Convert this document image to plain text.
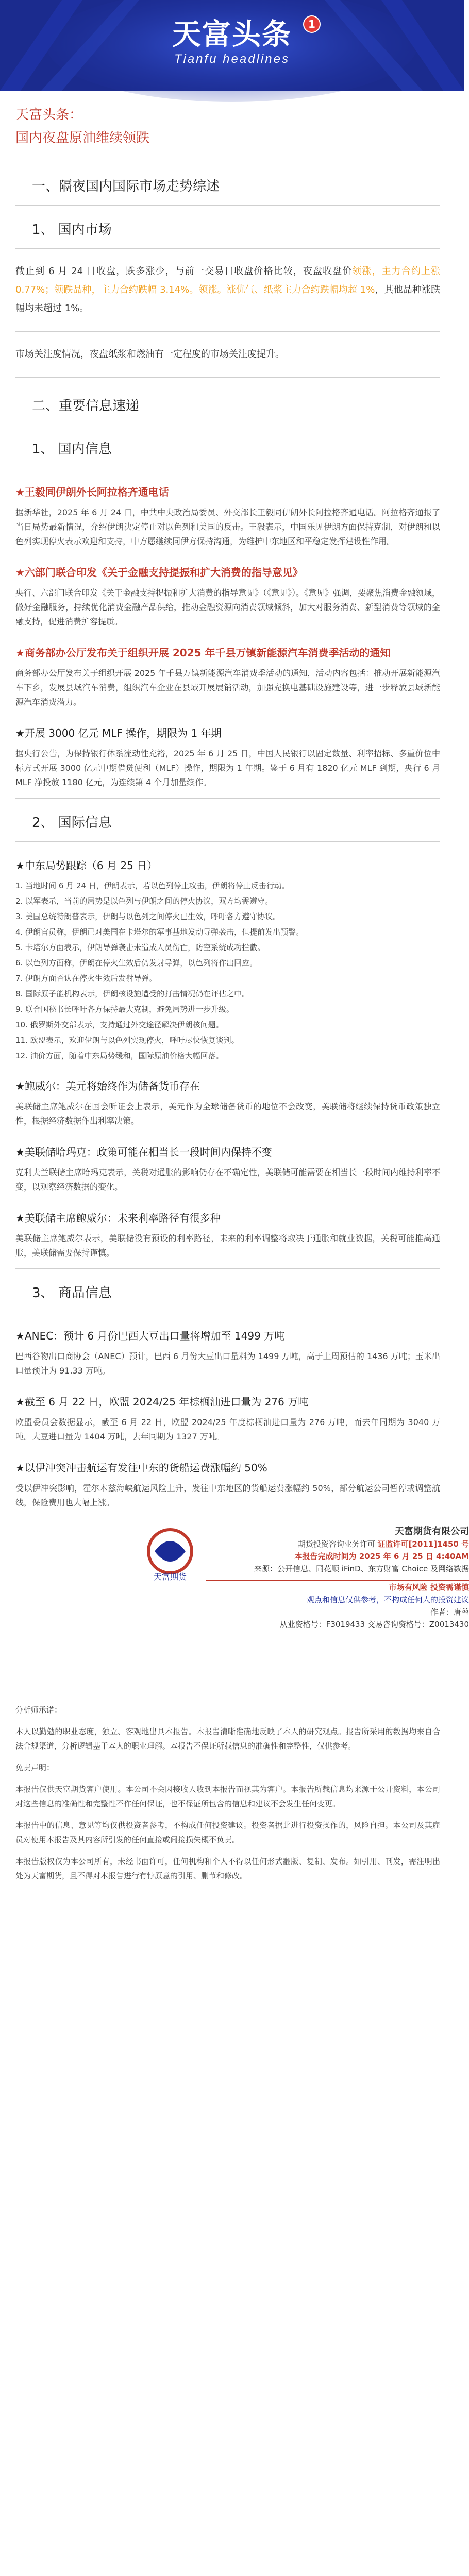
天富头条
Tianfu headlines
1
天富头条：
国内夜盘原油维续领跌
一、隔夜国内国际市场走势综述
1、 国内市场

截止到 6 月 24 日收盘，跌多涨少，与前一交易日收盘价格比较，夜盘收盘价领涨，主力合约上涨 0.77%；领跌品种，主力合约跌幅 3.14%。领涨。涨优气、纸浆主力合约跌幅均超 1%，其他品种涨跌幅均未超过 1%。

市场关注度情况，夜盘纸浆和燃油有一定程度的市场关注度提升。

二、重要信息速递
1、 国内信息
★王毅同伊朗外长阿拉格齐通电话
据新华社，2025 年 6 月 24 日，中共中央政治局委员、外交部长王毅同伊朗外长阿拉格齐通电话。阿拉格齐通报了当日局势最新情况，介绍伊朗决定停止对以色列和美国的反击。王毅表示，中国乐见伊朗方面保持克制，对伊朗和以色列实现停火表示欢迎和支持，中方愿继续同伊方保持沟通，为维护中东地区和平稳定发挥建设性作用。
★六部门联合印发《关于金融支持提振和扩大消费的指导意见》
央行、六部门联合印发《关于金融支持提振和扩大消费的指导意见》（《意见》）。《意见》强调，要聚焦消费金融领域，做好金融服务，持续优化消费金融产品供给，推动金融资源向消费领域倾斜，加大对服务消费、新型消费等领域的金融支持，促进消费扩容提质。
★商务部办公厅发布关于组织开展 2025 年千县万镇新能源汽车消费季活动的通知
商务部办公厅发布关于组织开展 2025 年千县万镇新能源汽车消费季活动的通知，活动内容包括：推动开展新能源汽车下乡，发展县域汽车消费，组织汽车企业在县域开展展销活动，加强充换电基础设施建设等，进一步释放县域新能源汽车消费潜力。
★开展 3000 亿元 MLF 操作，期限为 1 年期
据央行公告，为保持银行体系流动性充裕，2025 年 6 月 25 日，中国人民银行以固定数量、利率招标、多重价位中标方式开展 3000 亿元中期借贷便利（MLF）操作，期限为 1 年期。鉴于 6 月有 1820 亿元 MLF 到期，央行 6 月 MLF 净投放 1180 亿元，为连续第 4 个月加量续作。
2、 国际信息
★中东局势跟踪（6 月 25 日）
1. 当地时间 6 月 24 日，伊朗表示，若以色列停止攻击，伊朗将停止反击行动。
2. 以军表示，当前的局势是以色列与伊朗之间的停火协议，双方均需遵守。
3. 美国总统特朗普表示，伊朗与以色列之间停火已生效，呼吁各方遵守协议。
4. 伊朗官员称，伊朗已对美国在卡塔尔的军事基地发动导弹袭击，但提前发出预警。
5. 卡塔尔方面表示，伊朗导弹袭击未造成人员伤亡，防空系统成功拦截。
6. 以色列方面称，伊朗在停火生效后仍发射导弹，以色列将作出回应。
7. 伊朗方面否认在停火生效后发射导弹。
8. 国际原子能机构表示，伊朗核设施遭受的打击情况仍在评估之中。
9. 联合国秘书长呼吁各方保持最大克制，避免局势进一步升级。
10. 俄罗斯外交部表示，支持通过外交途径解决伊朗核问题。
11. 欧盟表示，欢迎伊朗与以色列实现停火，呼吁尽快恢复谈判。
12. 油价方面，随着中东局势缓和，国际原油价格大幅回落。
★鲍威尔：美元将始终作为储备货币存在
美联储主席鲍威尔在国会听证会上表示，美元作为全球储备货币的地位不会改变，美联储将继续保持货币政策独立性，根据经济数据作出利率决策。
★美联储哈玛克：政策可能在相当长一段时间内保持不变
克利夫兰联储主席哈玛克表示，关税对通胀的影响仍存在不确定性，美联储可能需要在相当长一段时间内维持利率不变，以观察经济数据的变化。
★美联储主席鲍威尔：未来利率路径有很多种
美联储主席鲍威尔表示，美联储没有预设的利率路径，未来的利率调整将取决于通胀和就业数据，关税可能推高通胀，美联储需要保持谨慎。
3、 商品信息
★ANEC：预计 6 月份巴西大豆出口量将增加至 1499 万吨
巴西谷物出口商协会（ANEC）预计，巴西 6 月份大豆出口量料为 1499 万吨，高于上周预估的 1436 万吨；玉米出口量预计为 91.33 万吨。
★截至 6 月 22 日，欧盟 2024/25 年棕榈油进口量为 276 万吨
欧盟委员会数据显示，截至 6 月 22 日，欧盟 2024/25 年度棕榈油进口量为 276 万吨，而去年同期为 3040 万吨。大豆进口量为 1404 万吨，去年同期为 1327 万吨。
★以伊冲突冲击航运有发往中东的货船运费涨幅约 50%
受以伊冲突影响，霍尔木兹海峡航运风险上升，发往中东地区的货船运费涨幅约 50%，部分航运公司暂停或调整航线，保险费用也大幅上涨。
天富期货
天富期货有限公司
期货投资咨询业务许可 证监许可[2011]1450 号
本报告完成时间为 2025 年 6 月 25 日 4:40AM
来源：公开信息、同花顺 iFinD、东方财富 Choice 及网络数据
市场有风险 投资需谨慎
观点和信息仅供参考，不构成任何人的投资建议
作者：唐堃
从业资格号：F3019433 交易咨询资格号：Z0013430
分析师承诺：
本人以勤勉的职业态度，独立、客观地出具本报告。本报告清晰准确地反映了本人的研究观点。报告所采用的数据均来自合法合规渠道，分析逻辑基于本人的职业理解。本报告不保证所载信息的准确性和完整性，仅供参考。
免责声明：
本报告仅供天富期货客户使用。本公司不会因接收人收到本报告而视其为客户。本报告所载信息均来源于公开资料，本公司对这些信息的准确性和完整性不作任何保证，也不保证所包含的信息和建议不会发生任何变更。
本报告中的信息、意见等均仅供投资者参考，不构成任何投资建议。投资者据此进行投资操作的，风险自担。本公司及其雇员对使用本报告及其内容所引发的任何直接或间接损失概不负责。
本报告版权仅为本公司所有，未经书面许可，任何机构和个人不得以任何形式翻版、复制、发布。如引用、刊发，需注明出处为天富期货，且不得对本报告进行有悖原意的引用、删节和修改。
